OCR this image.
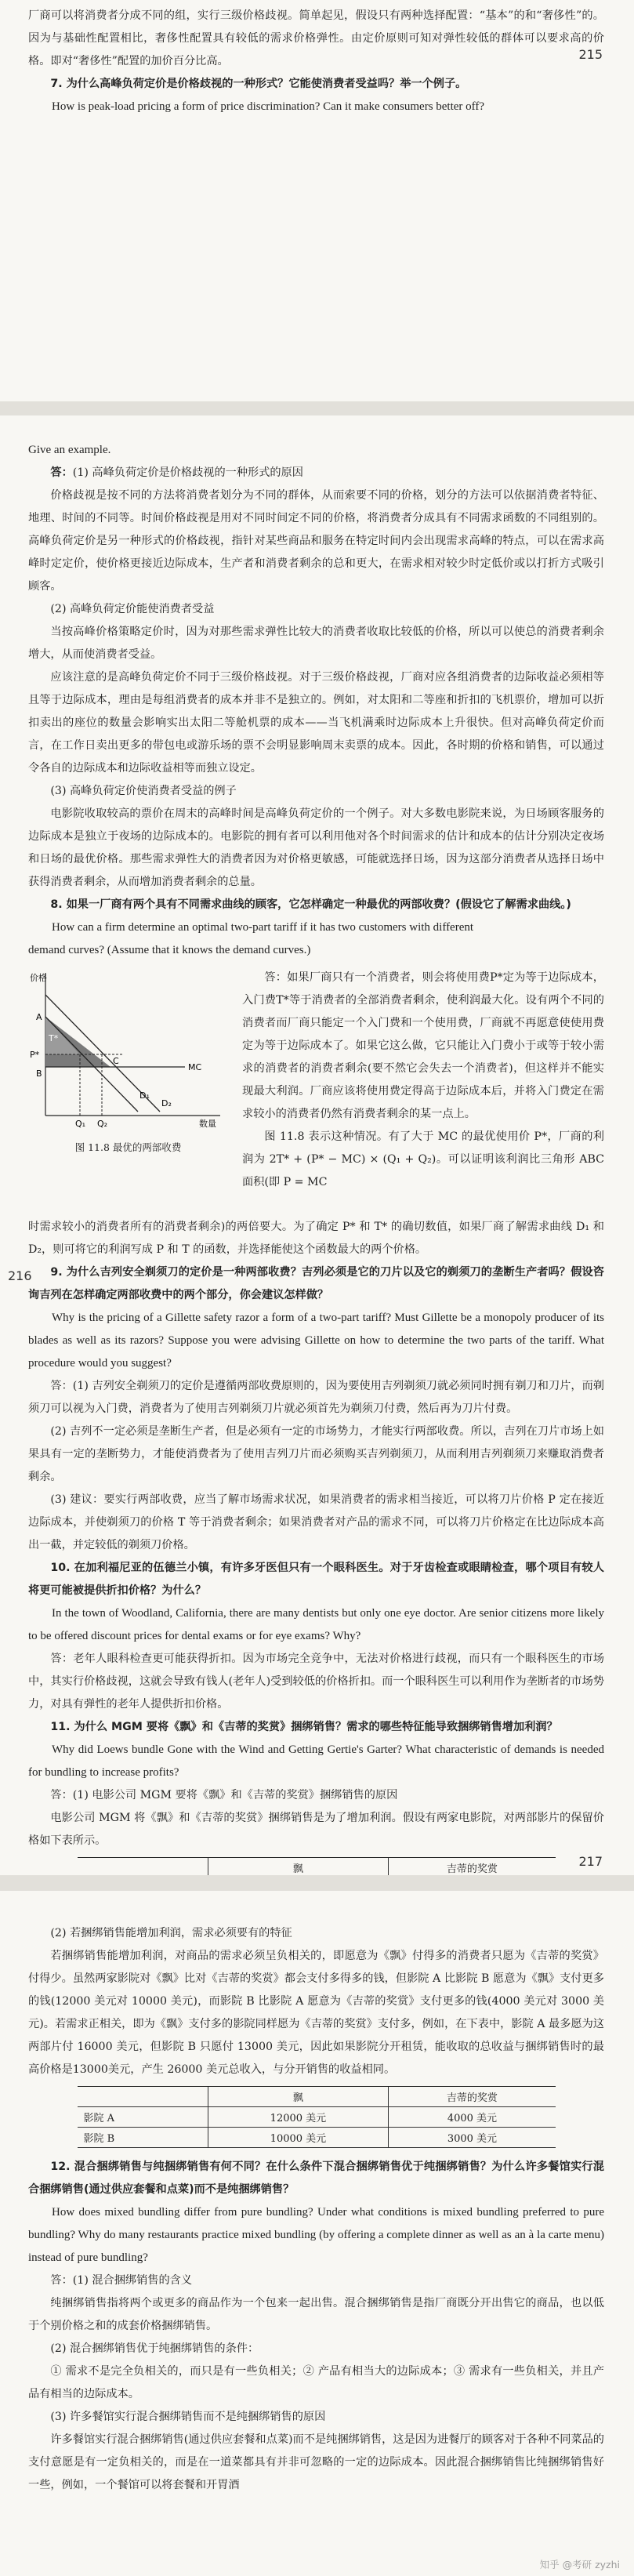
厂商可以将消费者分成不同的组，实行三级价格歧视。简单起见，假设只有两种选择配置：“基本”的和“奢侈性”的。因为与基础性配置相比，奢侈性配置具有较低的需求价格弹性。由定价原则可知对弹性较低的群体可以要求高的价格。即对“奢侈性”配置的加价百分比高。

7. 为什么高峰负荷定价是价格歧视的一种形式？它能使消费者受益吗？举一个例子。

How is peak-load pricing a form of price discrimination? Can it make consumers better off?

215

Give an example.

答：(1) 高峰负荷定价是价格歧视的一种形式的原因

价格歧视是按不同的方法将消费者划分为不同的群体，从而索要不同的价格，划分的方法可以依据消费者特征、地理、时间的不同等。时间价格歧视是用对不同时间定不同的价格，将消费者分成具有不同需求函数的不同组别的。高峰负荷定价是另一种形式的价格歧视，指针对某些商品和服务在特定时间内会出现需求高峰的特点，可以在需求高峰时定定价，使价格更接近边际成本，生产者和消费者剩余的总和更大，在需求相对较少时定低价或以打折方式吸引顾客。

(2) 高峰负荷定价能使消费者受益

当按高峰价格策略定价时，因为对那些需求弹性比较大的消费者收取比较低的价格，所以可以使总的消费者剩余增大，从而使消费者受益。

应该注意的是高峰负荷定价不同于三级价格歧视。对于三级价格歧视，厂商对应各组消费者的边际收益必须相等且等于边际成本，理由是每组消费者的成本并非不是独立的。例如，对太阳和二等座和折扣的飞机票价，增加可以折扣卖出的座位的数量会影响实出太阳二等舱机票的成本——当飞机满乘时边际成本上升很快。但对高峰负荷定价而言，在工作日卖出更多的带包电或游乐场的票不会明显影响周末卖票的成本。因此，各时期的价格和销售，可以通过令各自的边际成本和边际收益相等而独立设定。

(3) 高峰负荷定价使消费者受益的例子

电影院收取较高的票价在周末的高峰时间是高峰负荷定价的一个例子。对大多数电影院来说，为日场顾客服务的边际成本是独立于夜场的边际成本的。电影院的拥有者可以利用他对各个时间需求的估计和成本的估计分别决定夜场和日场的最优价格。那些需求弹性大的消费者因为对价格更敏感，可能就选择日场，因为这部分消费者从选择日场中获得消费者剩余，从而增加消费者剩余的总量。

8. 如果一厂商有两个具有不同需求曲线的顾客，它怎样确定一种最优的两部收费？(假设它了解需求曲线。)

How can a firm determine an optimal two-part tariff if it has two customers with different

demand curves? (Assume that it knows the demand curves.)

价格
A
T*
P*
B
C
MC
D₁
D₂
Q₁ Q₂	数量
图 11.8 最优的两部收费

答：如果厂商只有一个消费者，则会将使用费P*定为等于边际成本，入门费T*等于消费者的全部消费者剩余，使利润最大化。设有两个不同的消费者而厂商只能定一个入门费和一个使用费，厂商就不再愿意使使用费定为等于边际成本了。如果它这么做，它只能让入门费小于或等于较小需求的消费者的消费者剩余(要不然它会失去一个消费者)，但这样并不能实现最大利润。厂商应该将使用费定得高于边际成本后，并将入门费定在需求较小的消费者仍然有消费者剩余的某一点上。

图 11.8 表示这种情况。有了大于 MC 的最优使用价 P*，厂商的利润为 2T* + (P* − MC) × (Q₁ + Q₂)。可以证明该利润比三角形 ABC 面积(即 P = MC

216

时需求较小的消费者所有的消费者剩余)的两倍要大。为了确定 P* 和 T* 的确切数值，如果厂商了解需求曲线 D₁ 和 D₂，则可将它的利润写成 P 和 T 的函数，并选择能使这个函数最大的两个价格。

9. 为什么吉列安全剃须刀的定价是一种两部收费？吉列必须是它的刀片以及它的剃须刀的垄断生产者吗？假设咨询吉列在怎样确定两部收费中的两个部分，你会建议怎样做？

Why is the pricing of a Gillette safety razor a form of a two-part tariff? Must Gillette be a monopoly producer of its blades as well as its razors? Suppose you were advising Gillette on how to determine the two parts of the tariff. What procedure would you suggest?

答：(1) 吉列安全剃须刀的定价是遵循两部收费原则的，因为要使用吉列剃须刀就必须同时拥有剃刀和刀片，而剃须刀可以视为入门费，消费者为了使用吉列剃须刀片就必须首先为剃须刀付费，然后再为刀片付费。

(2) 吉列不一定必须是垄断生产者，但是必须有一定的市场势力，才能实行两部收费。所以，吉列在刀片市场上如果具有一定的垄断势力，才能使消费者为了使用吉列刀片而必须购买吉列剃须刀，从而利用吉列剃须刀来赚取消费者剩余。

(3) 建议：要实行两部收费，应当了解市场需求状况，如果消费者的需求相当接近，可以将刀片价格 P 定在接近边际成本，并使剃须刀的价格 T 等于消费者剩余；如果消费者对产品的需求不同，可以将刀片价格定在比边际成本高出一截，并定较低的剃须刀价格。

10. 在加利福尼亚的伍德兰小镇，有许多牙医但只有一个眼科医生。对于牙齿检查或眼睛检查，哪个项目有较人将更可能被提供折扣价格？为什么？

In the town of Woodland, California, there are many dentists but only one eye doctor. Are senior citizens more likely to be offered discount prices for dental exams or for eye exams? Why?

答：老年人眼科检查更可能获得折扣。因为市场完全竞争中，无法对价格进行歧视，而只有一个眼科医生的市场中，其实行价格歧视，这就会导致有钱人(老年人)受到较低的价格折扣。而一个眼科医生可以利用作为垄断者的市场势力，对具有弹性的老年人提供折扣价格。

11. 为什么 MGM 要将《飘》和《吉蒂的奖赏》捆绑销售？需求的哪些特征能导致捆绑销售增加利润？

Why did Loews bundle Gone with the Wind and Getting Gertie's Garter? What characteristic of demands is needed for bundling to increase profits?

答：(1) 电影公司 MGM 要将《飘》和《吉蒂的奖赏》捆绑销售的原因

电影公司 MGM 将《飘》和《吉蒂的奖赏》捆绑销售是为了增加利润。假设有两家电影院，对两部影片的保留价格如下表所示。

	飘	吉蒂的奖赏

217

(2) 若捆绑销售能增加利润，需求必须要有的特征

若捆绑销售能增加利润，对商品的需求必须呈负相关的，即愿意为《飘》付得多的消费者只愿为《吉蒂的奖赏》付得少。虽然两家影院对《飘》比对《吉蒂的奖赏》都会支付多得多的钱，但影院 A 比影院 B 愿意为《飘》支付更多的钱(12000 美元对 10000 美元)，而影院 B 比影院 A 愿意为《吉蒂的奖赏》支付更多的钱(4000 美元对 3000 美元)。若需求正相关，即为《飘》支付多的影院同样愿为《吉蒂的奖赏》支付多，例如，在下表中，影院 A 最多愿为这两部片付 16000 美元，但影院 B 只愿付 13000 美元，因此如果影院分开租赁，能收取的总收益与捆绑销售时的最高价格是13000美元，产生 26000 美元总收入，与分开销售的收益相同。

	飘	吉蒂的奖赏
影院 A	12000 美元	4000 美元
影院 B	10000 美元	3000 美元

12. 混合捆绑销售与纯捆绑销售有何不同？在什么条件下混合捆绑销售优于纯捆绑销售？为什么许多餐馆实行混合捆绑销售(通过供应套餐和点菜)而不是纯捆绑销售？

How does mixed bundling differ from pure bundling? Under what conditions is mixed bundling preferred to pure bundling? Why do many restaurants practice mixed bundling (by offering a complete dinner as well as an à la carte menu) instead of pure bundling?

答：(1) 混合捆绑销售的含义

纯捆绑销售指将两个或更多的商品作为一个包来一起出售。混合捆绑销售是指厂商既分开出售它的商品，也以低于个别价格之和的成套价格捆绑销售。

(2) 混合捆绑销售优于纯捆绑销售的条件：

① 需求不是完全负相关的，而只是有一些负相关；② 产品有相当大的边际成本；③ 需求有一些负相关，并且产品有相当的边际成本。

(3) 许多餐馆实行混合捆绑销售而不是纯捆绑销售的原因

许多餐馆实行混合捆绑销售(通过供应套餐和点菜)而不是纯捆绑销售，这是因为进餐厅的顾客对于各种不同菜品的支付意愿是有一定负相关的，而是在一道菜都具有并非可忽略的一定的边际成本。因此混合捆绑销售比纯捆绑销售好一些，例如，一个餐馆可以将套餐和开胃酒

知乎 @考研 zyzhi
